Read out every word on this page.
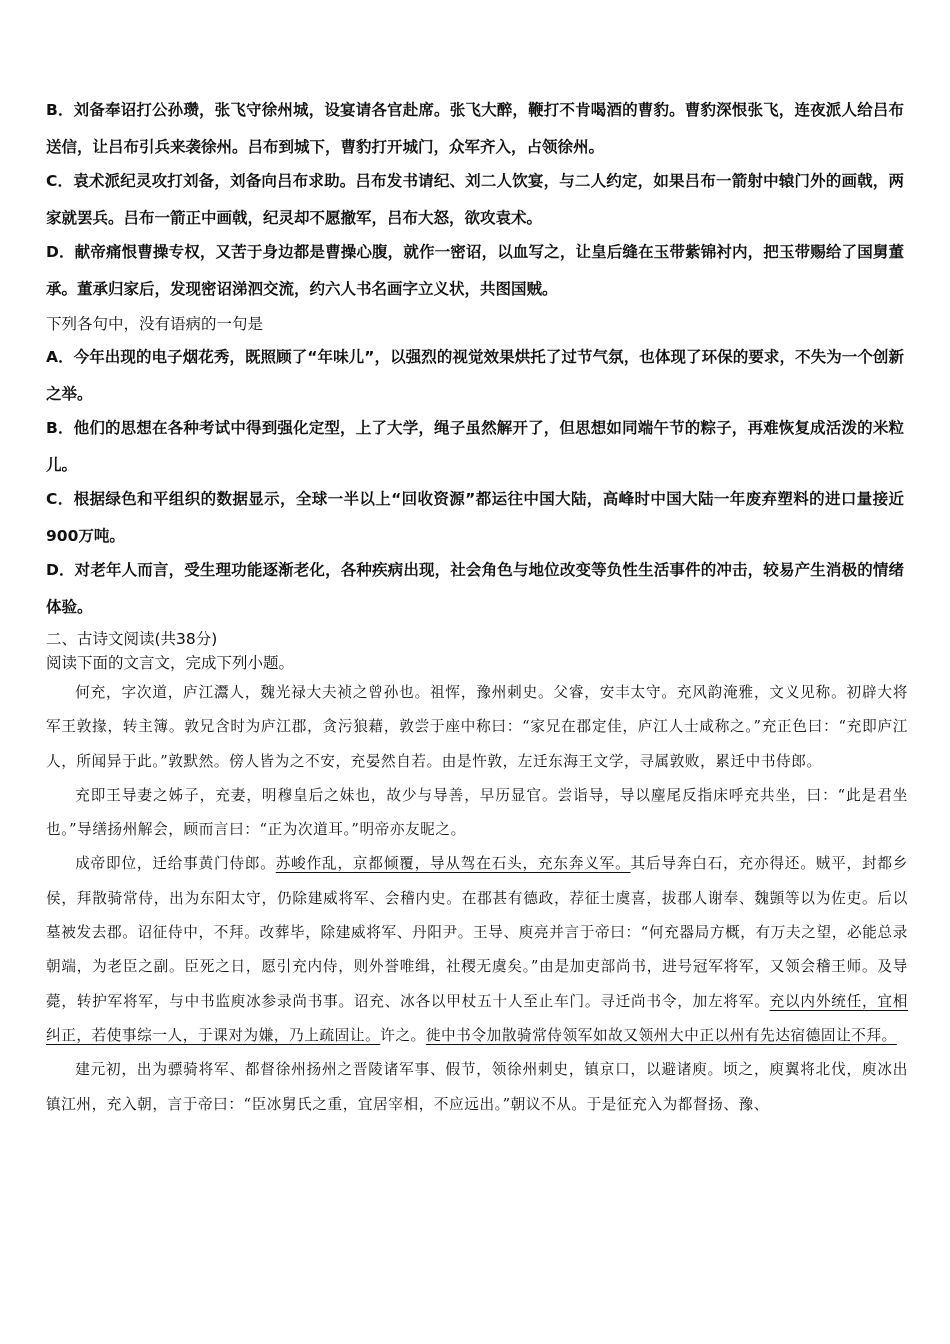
B．刘备奉诏打公孙瓒，张飞守徐州城，设宴请各官赴席。张飞大醉，鞭打不肯喝酒的曹豹。曹豹深恨张飞，连夜派人给吕布送信，让吕布引兵来袭徐州。吕布到城下，曹豹打开城门，众军齐入，占领徐州。

C．袁术派纪灵攻打刘备，刘备向吕布求助。吕布发书请纪、刘二人饮宴，与二人约定，如果吕布一箭射中辕门外的画戟，两家就罢兵。吕布一箭正中画戟，纪灵却不愿撤军，吕布大怒，欲攻袁术。

D．献帝痛恨曹操专权，又苦于身边都是曹操心腹，就作一密诏，以血写之，让皇后缝在玉带紫锦衬内，把玉带赐给了国舅董承。董承归家后，发现密诏涕泗交流，约六人书名画字立义状，共图国贼。

下列各句中，没有语病的一句是

A．今年出现的电子烟花秀，既照顾了“年味儿”，以强烈的视觉效果烘托了过节气氛，也体现了环保的要求，不失为一个创新之举。

B．他们的思想在各种考试中得到强化定型，上了大学，绳子虽然解开了，但思想如同端午节的粽子，再难恢复成活泼的米粒儿。

C．根据绿色和平组织的数据显示，全球一半以上“回收资源”都运往中国大陆，高峰时中国大陆一年废弃塑料的进口量接近900万吨。

D．对老年人而言，受生理功能逐渐老化，各种疾病出现，社会角色与地位改变等负性生活事件的冲击，较易产生消极的情绪体验。

二、古诗文阅读(共38分)

阅读下面的文言文，完成下列小题。

何充，字次道，庐江灊人，魏光禄大夫祯之曾孙也。祖恽，豫州刺史。父睿，安丰太守。充风韵淹雅，文义见称。初辟大将军王敦掾，转主簿。敦兄含时为庐江郡，贪污狼藉，敦尝于座中称曰：“家兄在郡定佳，庐江人士咸称之。”充正色曰：“充即庐江人，所闻异于此。”敦默然。傍人皆为之不安，充晏然自若。由是忤敦，左迁东海王文学，寻属敦败，累迁中书侍郎。

充即王导妻之姊子，充妻，明穆皇后之妹也，故少与导善，早历显官。尝诣导，导以麈尾反指床呼充共坐，曰：“此是君坐也。”导缮扬州解会，顾而言曰：“正为次道耳。”明帝亦友昵之。

成帝即位，迁给事黄门侍郎。苏峻作乱，京都倾覆，导从驾在石头，充东奔义军。其后导奔白石，充亦得还。贼平，封都乡侯，拜散骑常侍，出为东阳太守，仍除建威将军、会稽内史。在郡甚有德政，荐征士虞喜，拔郡人谢奉、魏顗等以为佐吏。后以墓被发去郡。诏征侍中，不拜。改葬毕，除建威将军、丹阳尹。王导、庾亮并言于帝曰：“何充器局方概，有万夫之望，必能总录朝端，为老臣之副。臣死之日，愿引充内侍，则外誉唯缉，社稷无虞矣。”由是加吏部尚书，进号冠军将军，又领会稽王师。及导薨，转护军将军，与中书监庾冰参录尚书事。诏充、冰各以甲杖五十人至止车门。寻迁尚书令，加左将军。充以内外统任，宜相纠正，若使事综一人，于课对为嫌，乃上疏固让。许之。徙中书令加散骑常侍领军如故又领州大中正以州有先达宿德固让不拜。

建元初，出为骠骑将军、都督徐州扬州之晋陵诸军事、假节，领徐州刺史，镇京口，以避诸庾。顷之，庾翼将北伐，庾冰出镇江州，充入朝，言于帝曰：“臣冰舅氏之重，宜居宰相，不应远出。”朝议不从。于是征充入为都督扬、豫、
